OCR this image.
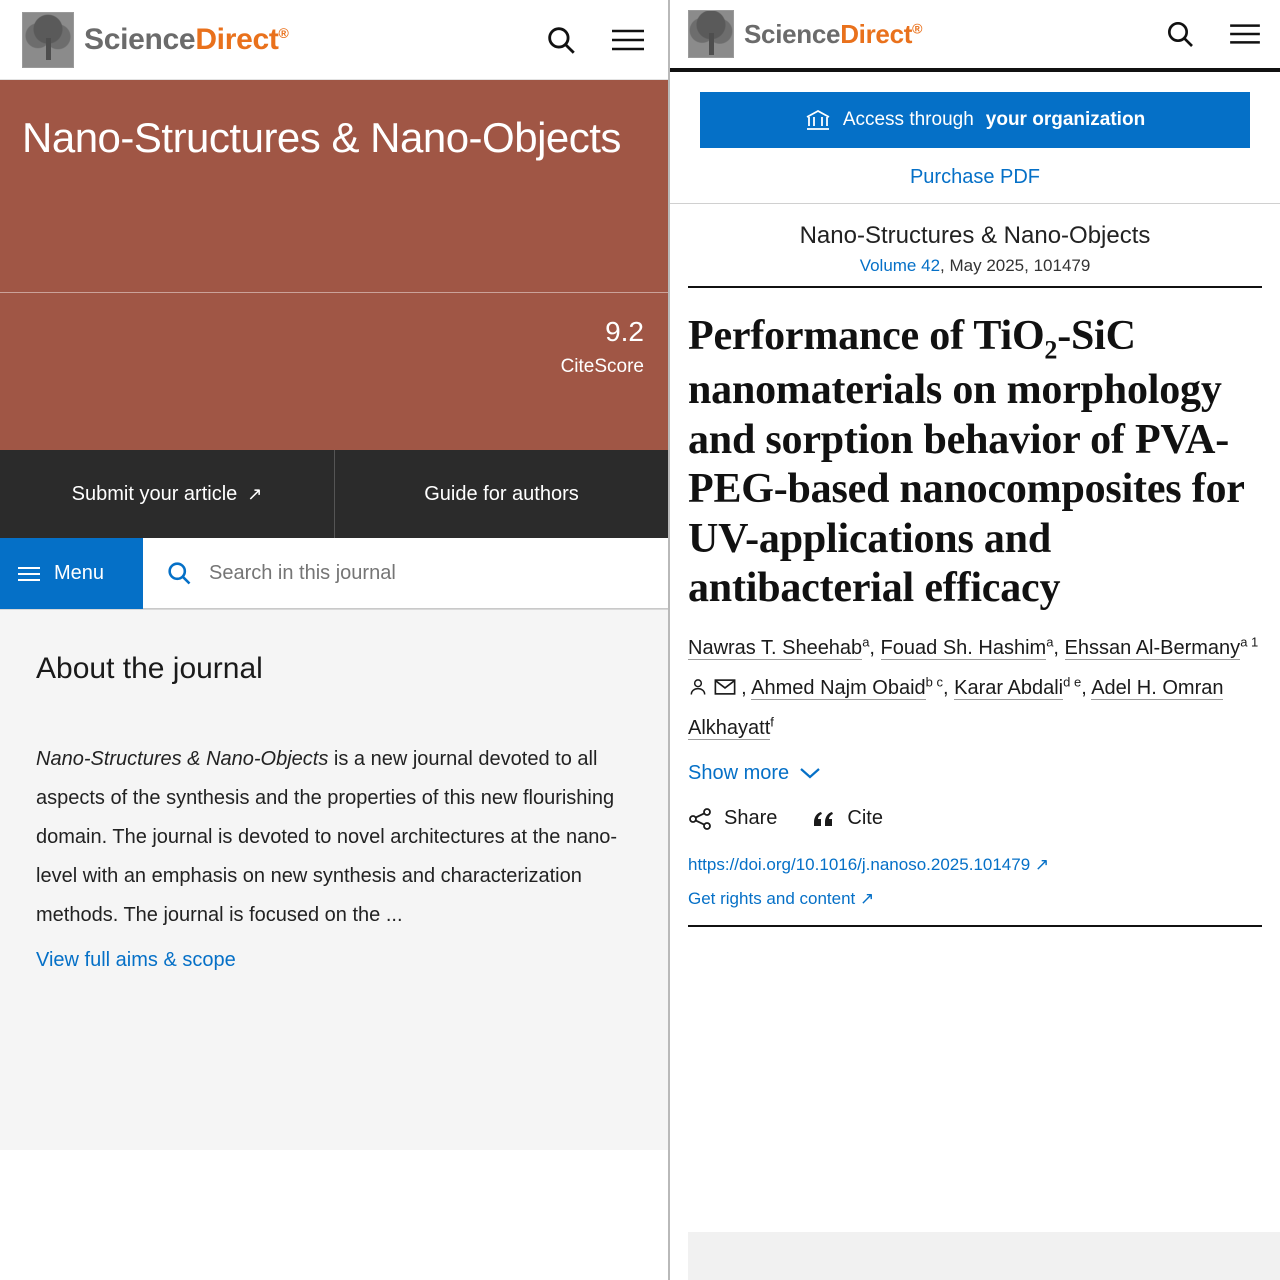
ScienceDirect®
Nano-Structures & Nano-Objects
9.2
CiteScore
Submit your article ↗	Guide for authors
Menu
Search in this journal
About the journal

Nano-Structures & Nano-Objects is a new journal devoted to all aspects of the synthesis and the properties of this new flourishing domain. The journal is devoted to novel architectures at the nano-level with an emphasis on new synthesis and characterization methods. The journal is focused on the ...

View full aims & scope
ScienceDirect®
Access through your organization
Purchase PDF
Nano-Structures & Nano-Objects
Volume 42, May 2025, 101479
Performance of TiO$_2$-SiC nanomaterials on morphology and sorption behavior of PVA-PEG-based nanocomposites for UV-applications and antibacterial efficacy
Nawras T. Sheehab$^a$, Fouad Sh. Hashim$^a$, Ehssan Al-Bermany$^{a 1}$   , Ahmed Najm Obaid$^{b c}$, Karar Abdali$^{d e}$, Adel H. Omran Alkhayatt$^f$
Show more
Share	Cite
https://doi.org/10.1016/j.nanoso.2025.101479 ↗
Get rights and content ↗
